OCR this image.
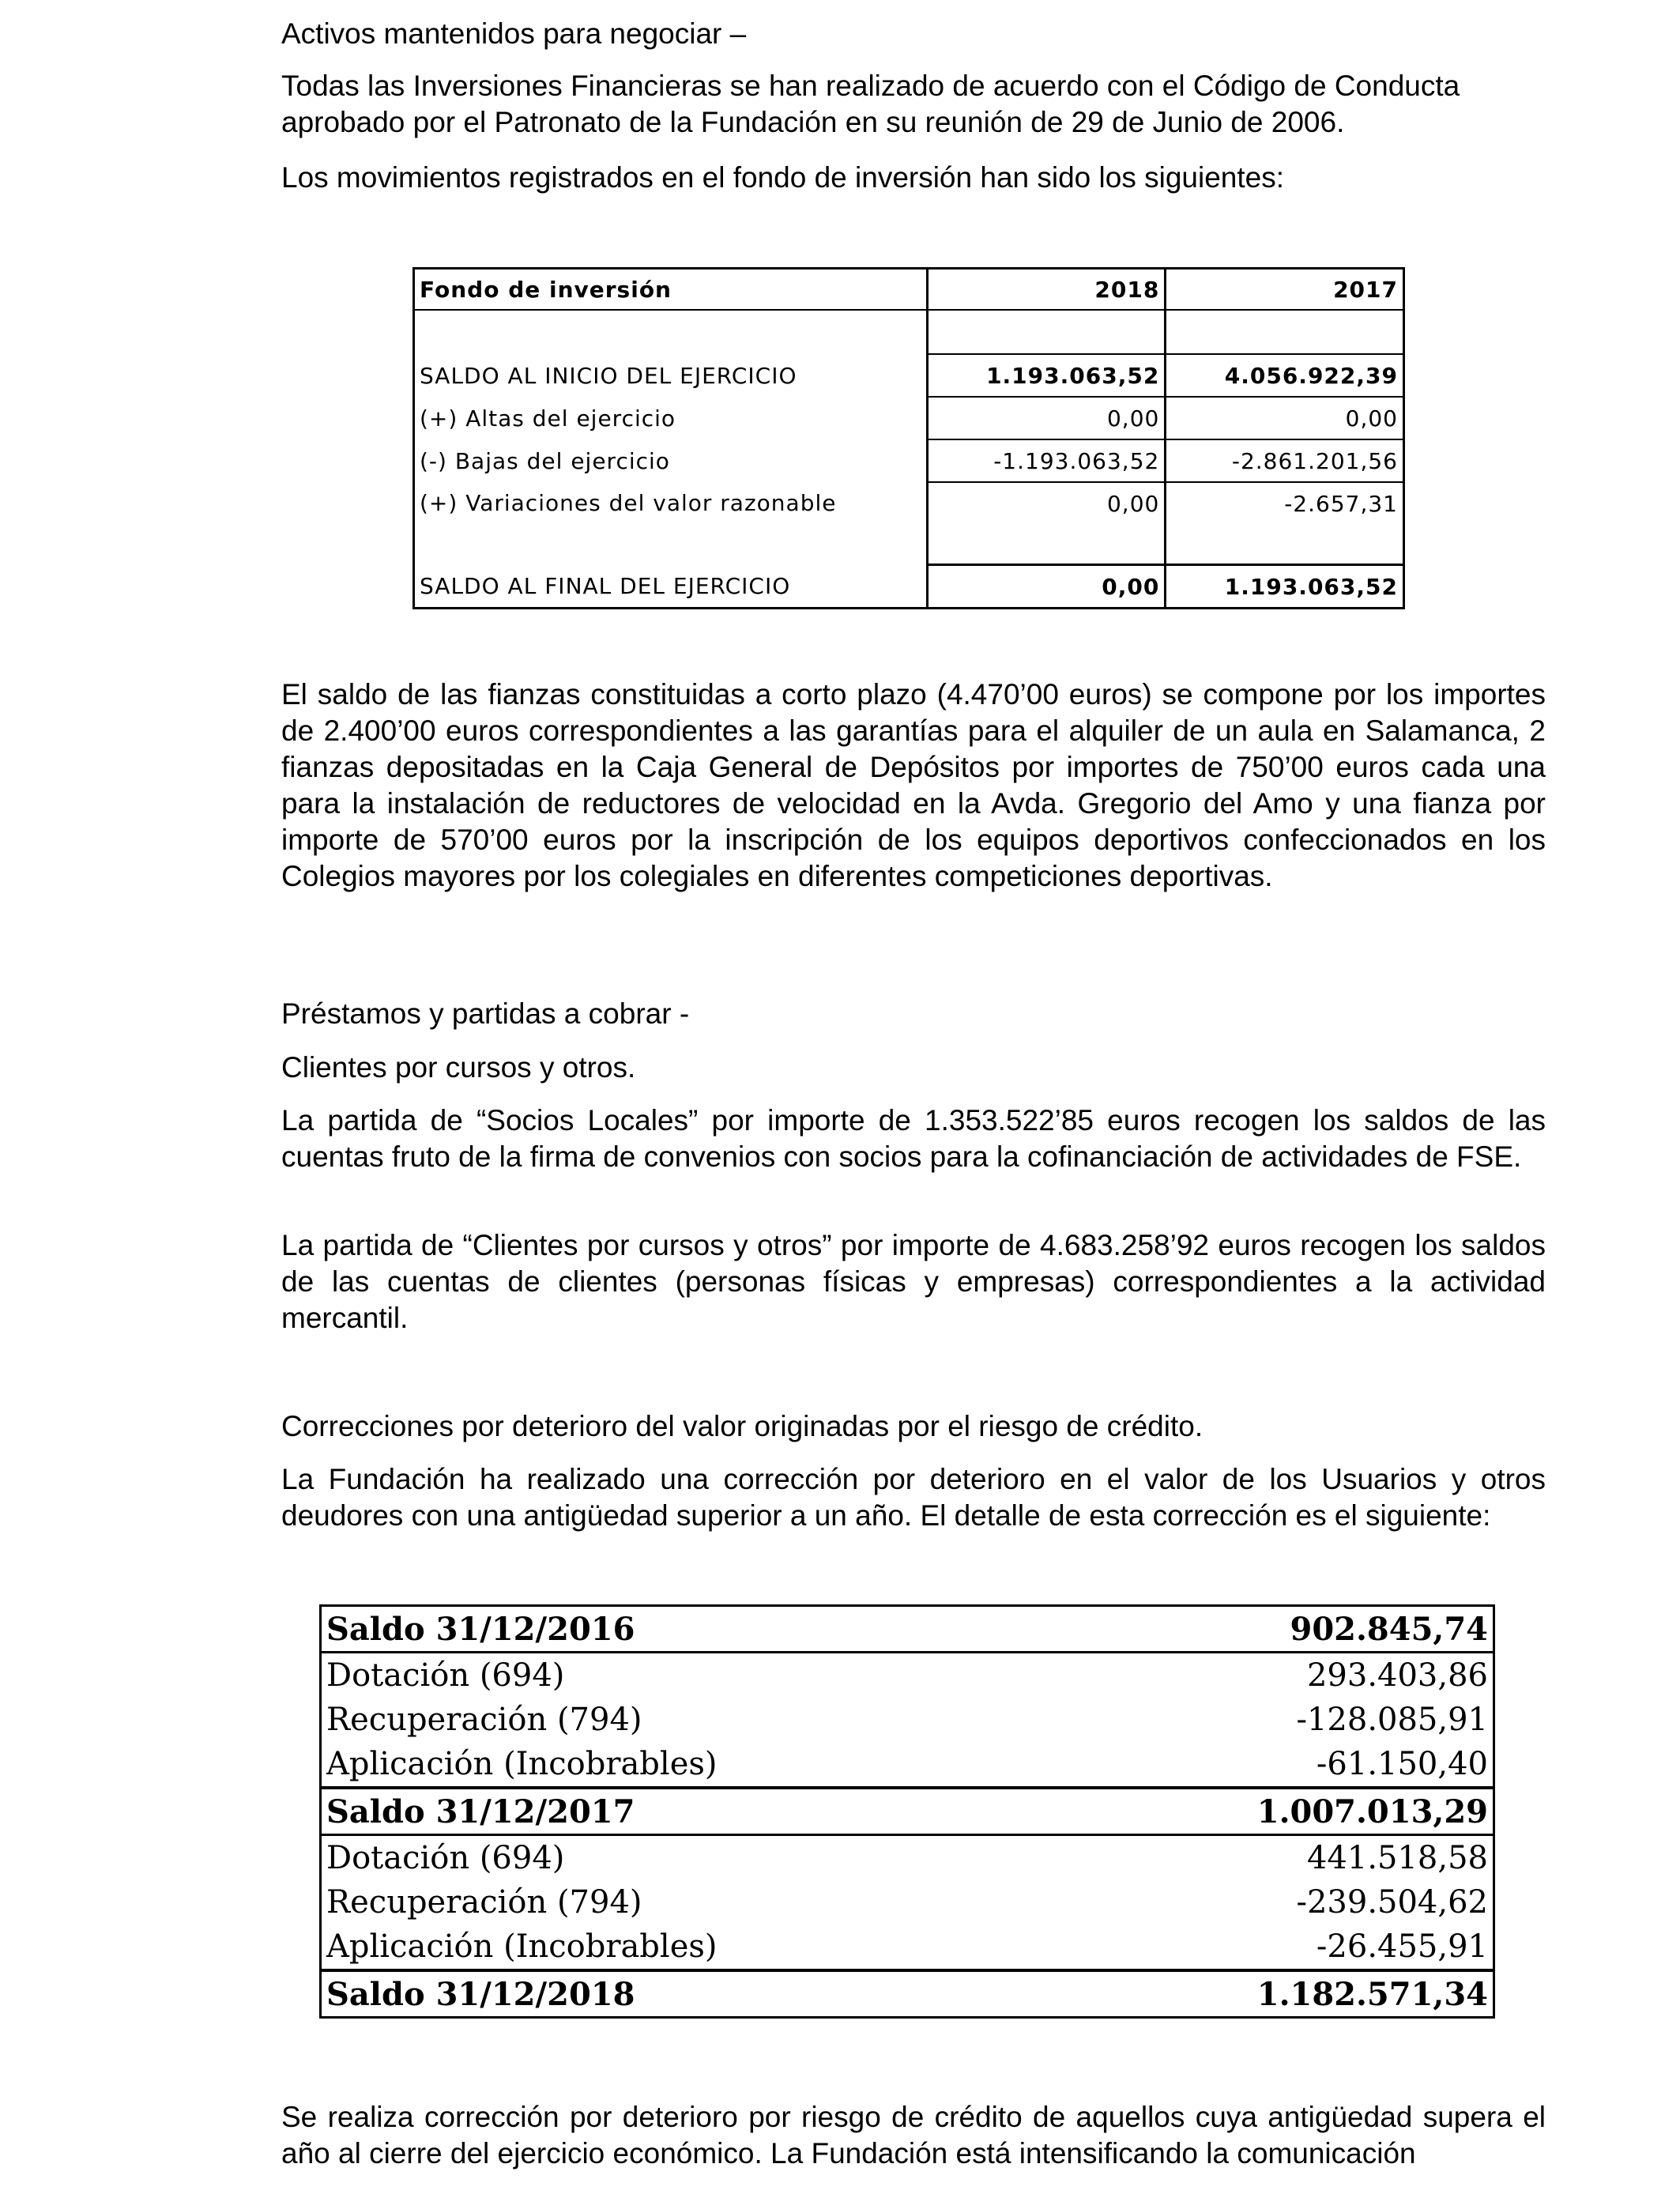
Activos mantenidos para negociar –

Todas las Inversiones Financieras se han realizado de acuerdo con el Código de Conducta aprobado por el Patronato de la Fundación en su reunión de 29 de Junio de 2006.

Los movimientos registrados en el fondo de inversión han sido los siguientes:

Fondo de inversión	2018	2017

SALDO AL INICIO DEL EJERCICIO	1.193.063,52	4.056.922,39
(+) Altas del ejercicio	0,00	0,00
(-) Bajas del ejercicio	-1.193.063,52	-2.861.201,56
(+) Variaciones del valor razonable	0,00	-2.657,31

SALDO AL FINAL DEL EJERCICIO	0,00	1.193.063,52

El saldo de las fianzas constituidas a corto plazo (4.470’00 euros) se compone por los importes de 2.400’00 euros correspondientes a las garantías para el alquiler de un aula en Salamanca, 2 fianzas depositadas en la Caja General de Depósitos por importes de 750’00 euros cada una para la instalación de reductores de velocidad en la Avda. Gregorio del Amo y una fianza por importe de 570’00 euros por la inscripción de los equipos deportivos confeccionados en los Colegios mayores por los colegiales en diferentes competiciones deportivas.

Préstamos y partidas a cobrar -

Clientes por cursos y otros.

La partida de “Socios Locales” por importe de 1.353.522’85 euros recogen los saldos de las cuentas fruto de la firma de convenios con socios para la cofinanciación de actividades de FSE.

La partida de “Clientes por cursos y otros” por importe de 4.683.258’92 euros recogen los saldos de las cuentas de clientes (personas físicas y empresas) correspondientes a la actividad mercantil.

Correcciones por deterioro del valor originadas por el riesgo de crédito.

La Fundación ha realizado una corrección por deterioro en el valor de los Usuarios y otros deudores con una antigüedad superior a un año. El detalle de esta corrección es el siguiente:

Saldo 31/12/2016	902.845,74
Dotación (694)	293.403,86
Recuperación (794)	-128.085,91
Aplicación (Incobrables)	-61.150,40
Saldo 31/12/2017	1.007.013,29
Dotación (694)	441.518,58
Recuperación (794)	-239.504,62
Aplicación (Incobrables)	-26.455,91
Saldo 31/12/2018	1.182.571,34

Se realiza corrección por deterioro por riesgo de crédito de aquellos cuya antigüedad supera el año al cierre del ejercicio económico. La Fundación está intensificando la comunicación
